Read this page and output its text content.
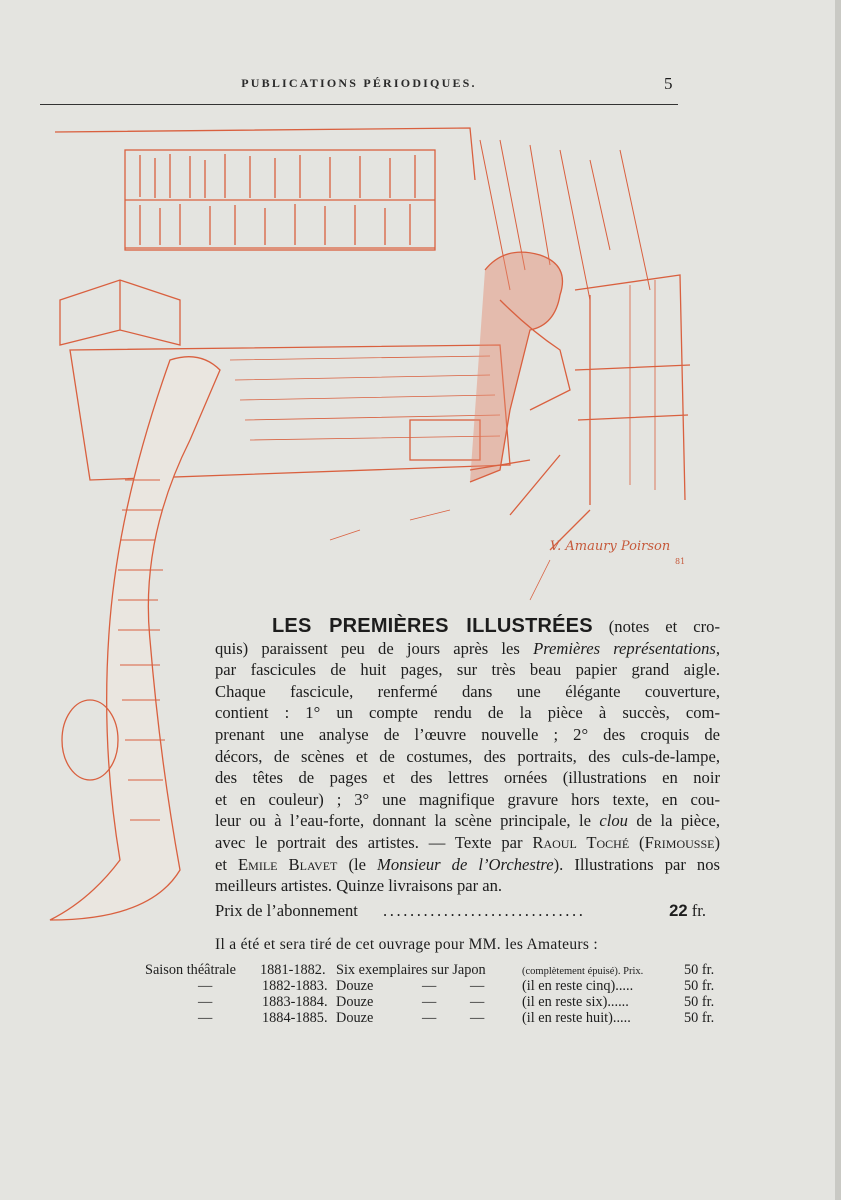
PUBLICATIONS PÉRIODIQUES.	5
V. Amaury Poirson
81
LES PREMIÈRES ILLUSTRÉES (notes et cro-
quis) paraissent peu de jours après les Premières représentations,
par fascicules de huit pages, sur très beau papier grand aigle.
Chaque fascicule, renfermé dans une élégante couverture,
contient : 1° un compte rendu de la pièce à succès, com-
prenant une analyse de l’œuvre nouvelle ; 2° des croquis de
décors, de scènes et de costumes, des portraits, des culs-de-lampe,
des têtes de pages et des lettres ornées (illustrations en noir
et en couleur) ; 3° une magnifique gravure hors texte, en cou-
leur ou à l’eau-forte, donnant la scène principale, le clou de la pièce,
avec le portrait des artistes. — Texte par Raoul Toché (Frimousse)
et Emile Blavet (le Monsieur de l’Orchestre). Illustrations par nos
meilleurs artistes. Quinze livraisons par an.
Prix de l’abonnement ..............................	22 fr.
Il a été et sera tiré de cet ouvrage pour MM. les Amateurs :
Saison théâtrale 1881-1882. Six exemplaires sur Japon	(complètement épuisé). Prix.	50 fr.
—	1882-1883. Douze	— —	(il en reste cinq).....	50 fr.
—	1883-1884. Douze	— —	(il en reste six)......	50 fr.
—	1884-1885. Douze	— —	(il en reste huit).....	50 fr.
